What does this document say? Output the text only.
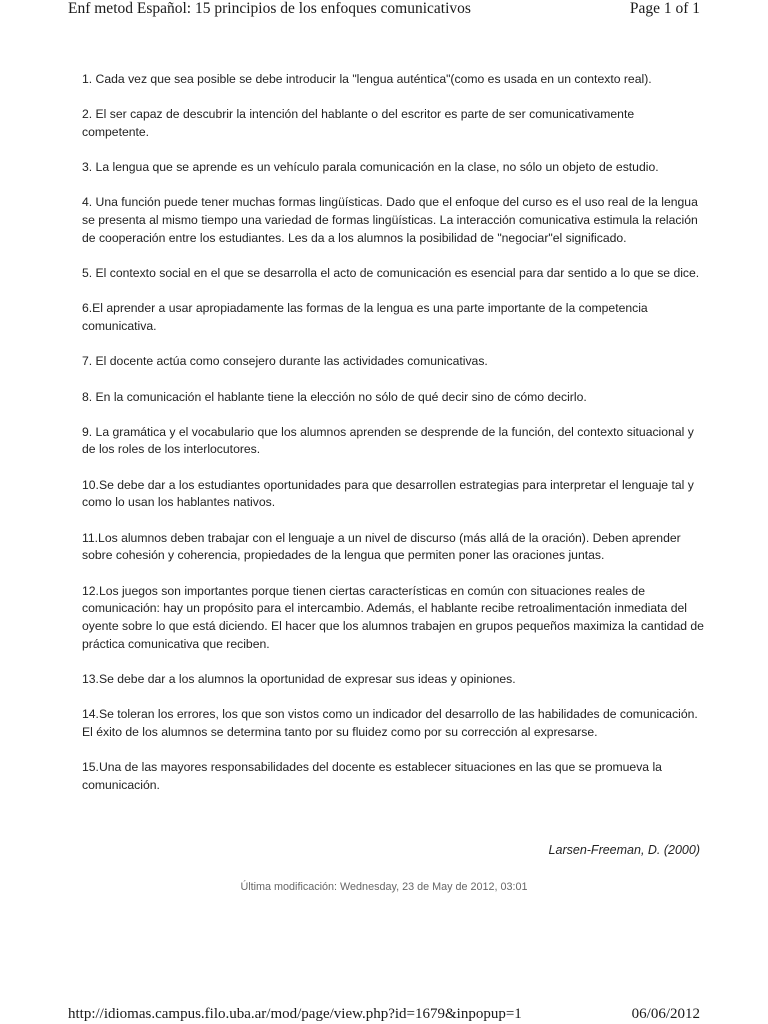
Enf metod Español: 15 principios de los enfoques comunicativos	Page 1 of 1

1. Cada vez que sea posible se debe introducir la "lengua auténtica"(como es usada en un contexto real).

2. El ser capaz de descubrir la intención del hablante o del escritor es parte de ser comunicativamente competente.

3. La lengua que se aprende es un vehículo parala comunicación en la clase, no sólo un objeto de estudio.

4. Una función puede tener muchas formas lingüísticas. Dado que el enfoque del curso es el uso real de la lengua se presenta al mismo tiempo una variedad de formas lingüísticas. La interacción comunicativa estimula la relación de cooperación entre los estudiantes. Les da a los alumnos la posibilidad de "negociar"el significado.

5. El contexto social en el que se desarrolla el acto de comunicación es esencial para dar sentido a lo que se dice.

6.El aprender a usar apropiadamente las formas de la lengua es una parte importante de la competencia comunicativa.

7. El docente actúa como consejero durante las actividades comunicativas.

8. En la comunicación el hablante tiene la elección no sólo de qué decir sino de cómo decirlo.

9. La gramática y el vocabulario que los alumnos aprenden se desprende de la función, del contexto situacional y de los roles de los interlocutores.

10.Se debe dar a los estudiantes oportunidades para que desarrollen estrategias para interpretar el lenguaje tal y como lo usan los hablantes nativos.

11.Los alumnos deben trabajar con el lenguaje a un nivel de discurso (más allá de la oración). Deben aprender sobre cohesión y coherencia, propiedades de la lengua que permiten poner las oraciones juntas.

12.Los juegos son importantes porque tienen ciertas características en común con situaciones reales de comunicación: hay un propósito para el intercambio. Además, el hablante recibe retroalimentación inmediata del oyente sobre lo que está diciendo. El hacer que los alumnos trabajen en grupos pequeños maximiza la cantidad de práctica comunicativa que reciben.

13.Se debe dar a los alumnos la oportunidad de expresar sus ideas y opiniones.

14.Se toleran los errores, los que son vistos como un indicador del desarrollo de las habilidades de comunicación. El éxito de los alumnos se determina tanto por su fluidez como por su corrección al expresarse.

15.Una de las mayores responsabilidades del docente es establecer situaciones en las que se promueva la comunicación.

Larsen-Freeman, D. (2000)
Última modificación: Wednesday, 23 de May de 2012, 03:01
http://idiomas.campus.filo.uba.ar/mod/page/view.php?id=1679&inpopup=1	06/06/2012
